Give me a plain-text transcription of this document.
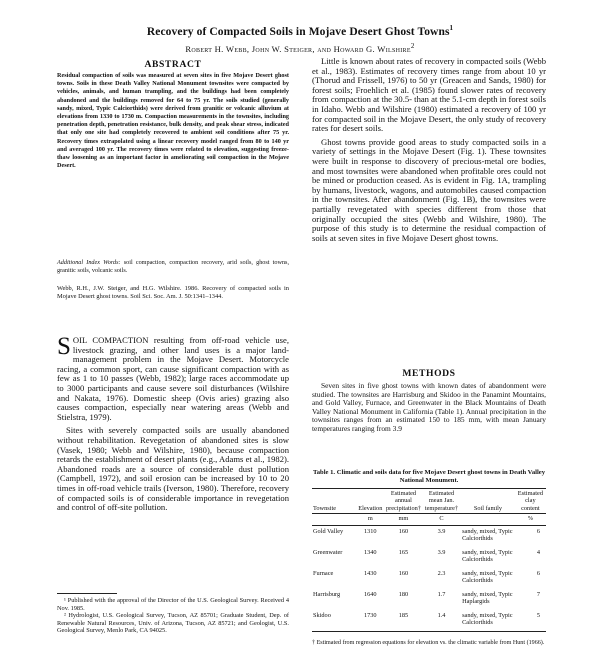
Recovery of Compacted Soils in Mojave Desert Ghost Towns$^1$
Robert H. Webb, John W. Steiger, and Howard G. Wilshire$^2$
ABSTRACT
Residual compaction of soils was measured at seven sites in five Mojave Desert ghost towns. Soils in these Death Valley National Monument townsites were compacted by vehicles, animals, and human trampling, and the buildings had been completely abandoned and the buildings removed for 64 to 75 yr. The soils studied (generally sandy, mixed, Typic Calciorthids) were derived from granitic or volcanic alluvium at elevations from 1330 to 1730 m. Compaction measurements in the townsites, including penetration depth, penetration resistance, bulk density, and peak shear stress, indicated that only one site had completely recovered to ambient soil conditions after 75 yr. Recovery times extrapolated using a linear recovery model ranged from 80 to 140 yr and averaged 100 yr. The recovery times were related to elevation, suggesting freeze-thaw loosening as an important factor in ameliorating soil compaction in the Mojave Desert.
Additional Index Words: soil compaction, compaction recovery, arid soils, ghost towns, granitic soils, volcanic soils.
Webb, R.H., J.W. Steiger, and H.G. Wilshire. 1986. Recovery of compacted soils in Mojave Desert ghost towns. Soil Sci. Soc. Am. J. 50:1341–1344.

SOIL COMPACTION resulting from off-road vehicle use, livestock grazing, and other land uses is a major land-management problem in the Mojave Desert. Motorcycle racing, a common sport, can cause significant compaction with as few as 1 to 10 passes (Webb, 1982); large races accommodate up to 3000 participants and cause severe soil disturbances (Wilshire and Nakata, 1976). Domestic sheep (Ovis aries) grazing also causes compaction, especially near watering areas (Webb and Stielstra, 1979).

Sites with severely compacted soils are usually abandoned without rehabilitation. Revegetation of abandoned sites is slow (Vasek, 1980; Webb and Wilshire, 1980), because compaction retards the establishment of desert plants (e.g., Adams et al., 1982). Abandoned roads are a source of considerable dust pollution (Campbell, 1972), and soil erosion can be increased by 10 to 20 times in off-road vehicle trails (Iverson, 1980). Therefore, recovery of compacted soils is of considerable importance in revegetation and control of off-site pollution.

¹ Published with the approval of the Director of the U.S. Geological Survey. Received 4 Nov. 1985.

² Hydrologist, U.S. Geological Survey, Tucson, AZ 85701; Graduate Student, Dep. of Renewable Natural Resources, Univ. of Arizona, Tucson, AZ 85721; and Geologist, U.S. Geological Survey, Menlo Park, CA 94025.

Little is known about rates of recovery in compacted soils (Webb et al., 1983). Estimates of recovery times range from about 10 yr (Thorud and Frissell, 1976) to 50 yr (Greacen and Sands, 1980) for forest soils; Froehlich et al. (1985) found slower rates of recovery from compaction at the 30.5- than at the 5.1-cm depth in forest soils in Idaho. Webb and Wilshire (1980) estimated a recovery of 100 yr for compacted soil in the Mojave Desert, the only study of recovery rates for desert soils.

Ghost towns provide good areas to study compacted soils in a variety of settings in the Mojave Desert (Fig. 1). These townsites were built in response to discovery of precious-metal ore bodies, and most townsites were abandoned when profitable ores could not be mined or production ceased. As is evident in Fig. 1A, trampling by humans, livestock, wagons, and automobiles caused compaction in the townsites. After abandonment (Fig. 1B), the townsites were partially revegetated with species different from those that originally occupied the sites (Webb and Wilshire, 1980). The purpose of this study is to determine the residual compaction of soils at seven sites in five Mojave Desert ghost towns.

METHODS

Seven sites in five ghost towns with known dates of abandonment were studied. The townsites are Harrisburg and Skidoo in the Panamint Mountains, and Gold Valley, Furnace, and Greenwater in the Black Mountains of Death Valley National Monument in California (Table 1). Annual precipitation in the townsites ranges from an estimated 150 to 185 mm, with mean January temperatures ranging from 3.9

Table 1. Climatic and soils data for five Mojave Desert ghost towns in Death Valley National Monument.
Townsite	Elevation	Estimated annual precipitation†	Estimated mean Jan. temperature†	Soil family	Estimated clay content
	m	mm	C		%
Gold Valley	1310	160	3.9	sandy, mixed, Typic Calciorthids	6
Greenwater	1340	165	3.9	sandy, mixed, Typic Calciorthids	4
Furnace	1430	160	2.3	sandy, mixed, Typic Calciorthids	6
Harrisburg	1640	180	1.7	sandy, mixed, Typic Haplargids	7
Skidoo	1730	185	1.4	sandy, mixed, Typic Calciorthids	5
† Estimated from regression equations for elevation vs. the climatic variable from Hunt (1966).
